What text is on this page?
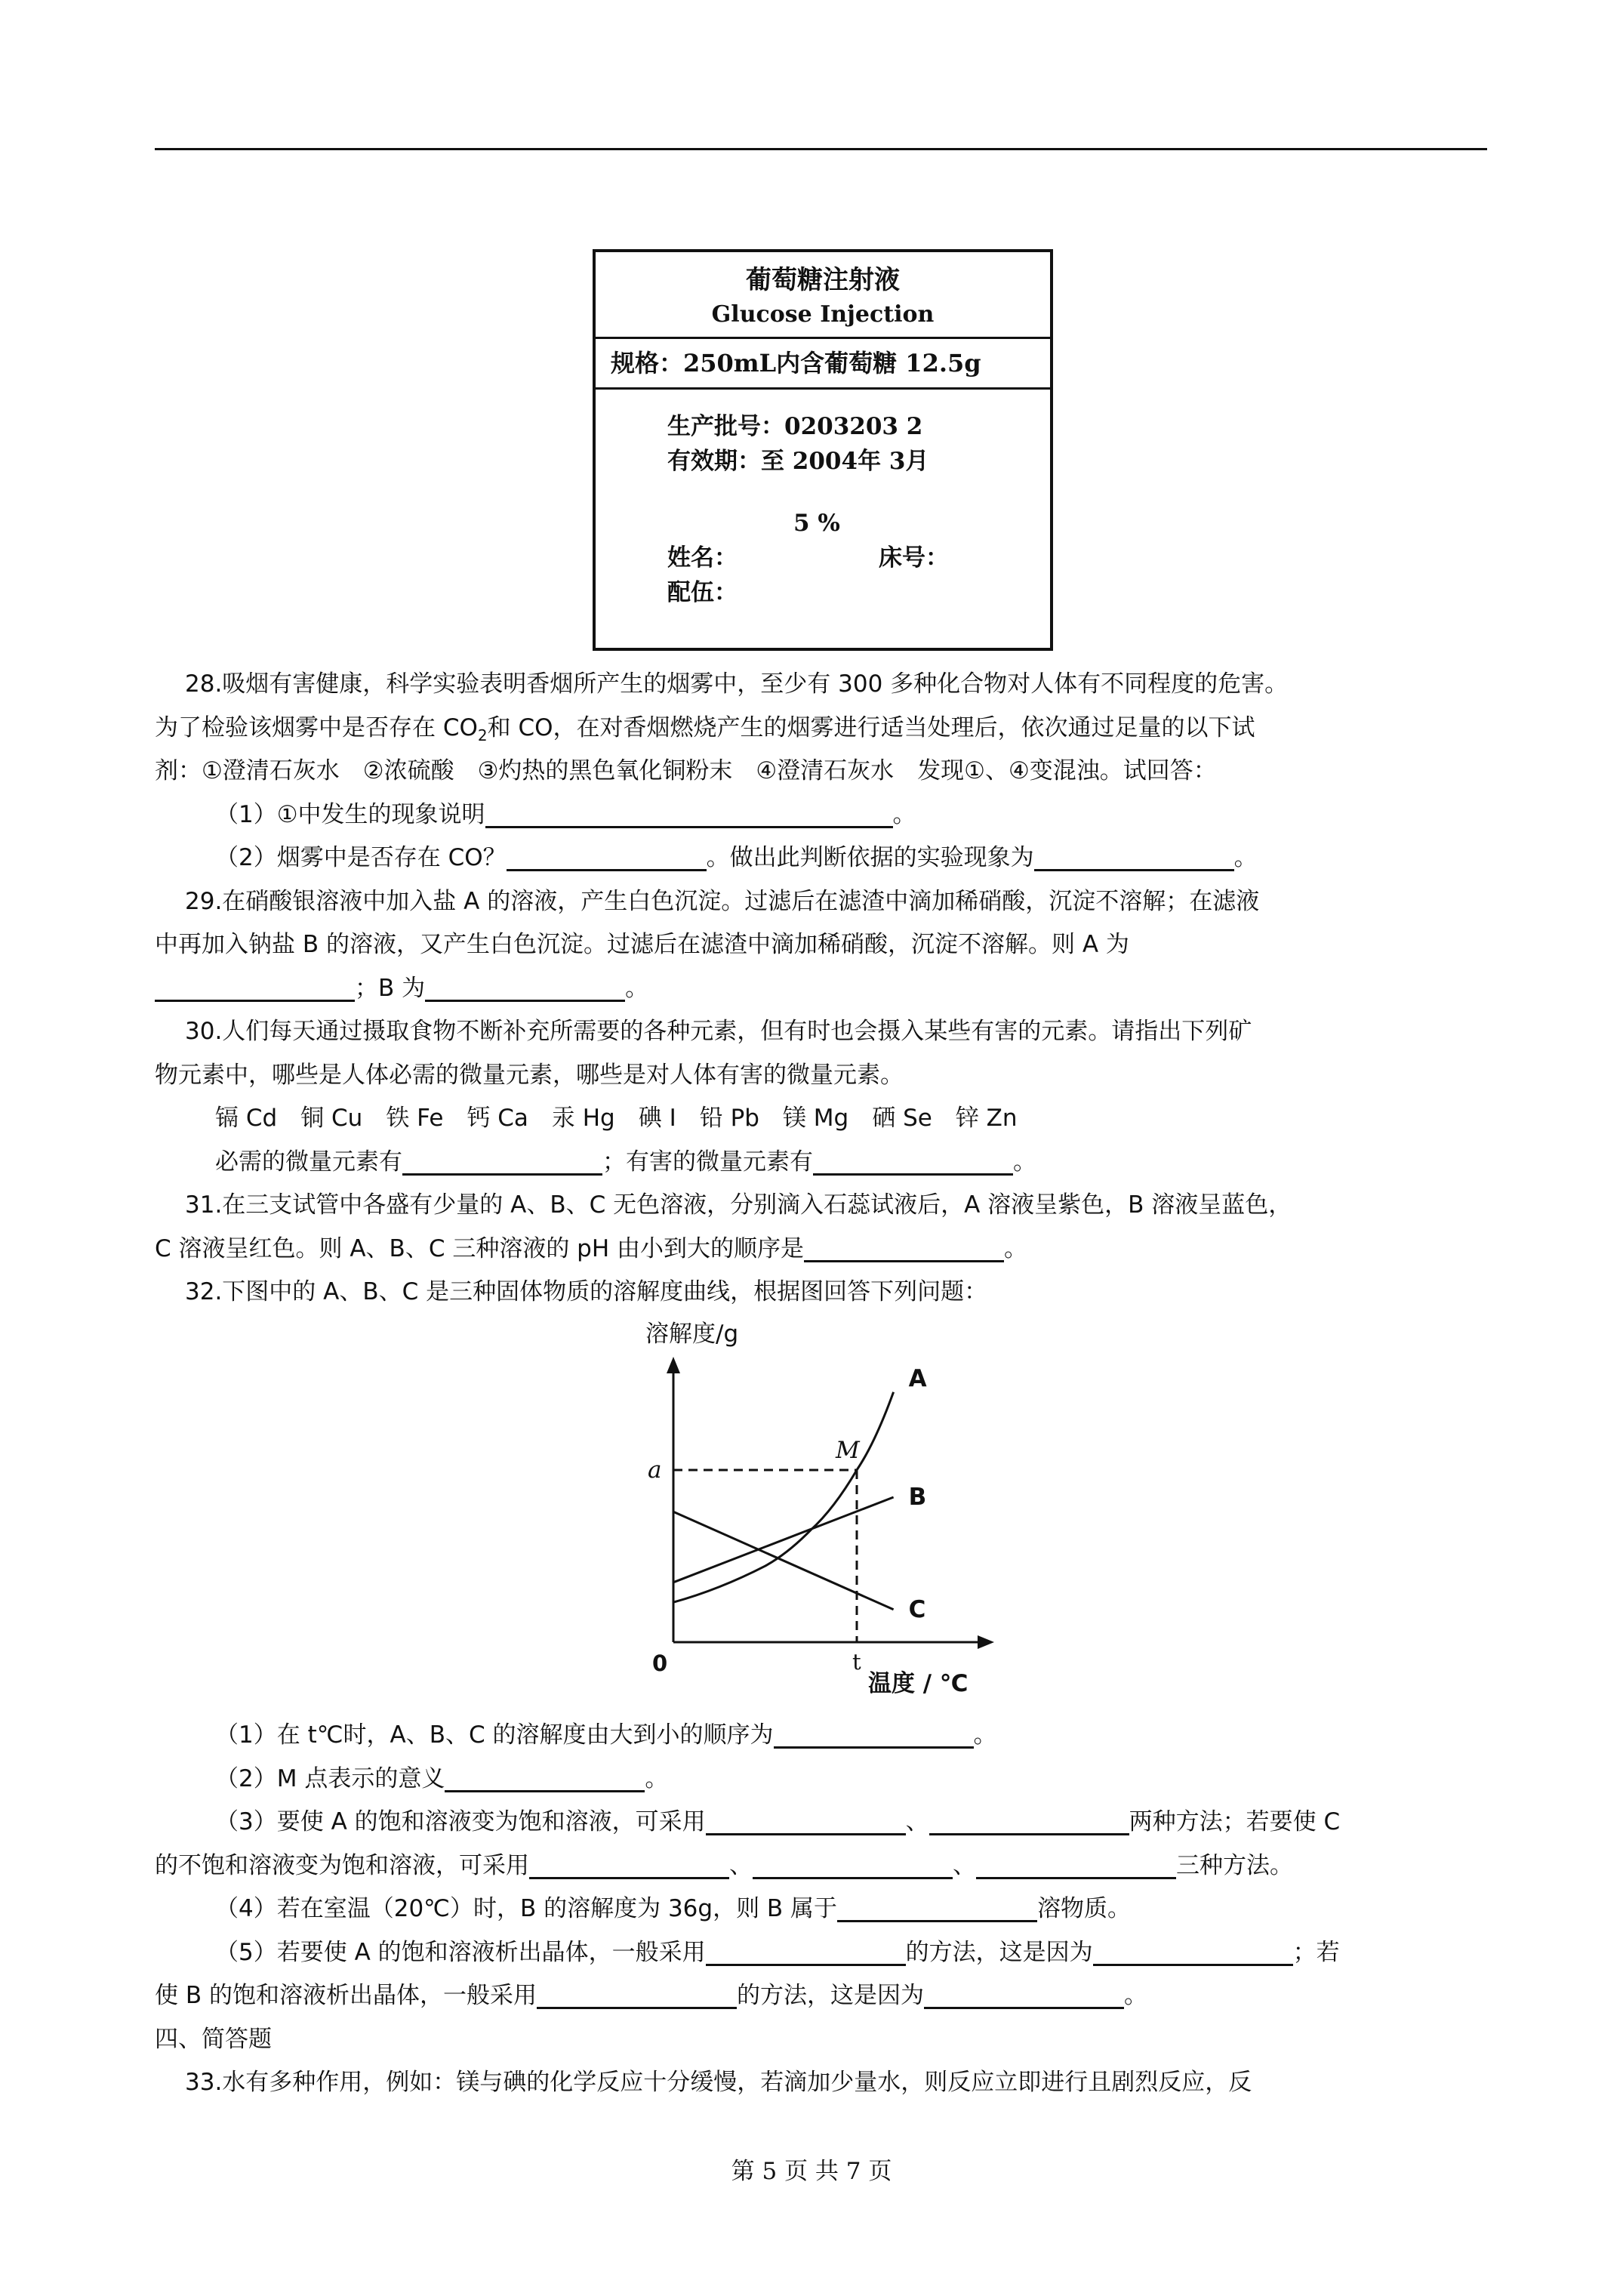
葡萄糖注射液
Glucose Injection
规格：250mL内含葡萄糖 12.5g
生产批号：0203203 2
有效期：至 2004年 3月
5 %
姓名：	床号：
配伍：
28.吸烟有害健康，科学实验表明香烟所产生的烟雾中，至少有 300 多种化合物对人体有不同程度的危害。
为了检验该烟雾中是否存在 $CO_2$和 CO，在对香烟燃烧产生的烟雾进行适当处理后，依次通过足量的以下试
剂：①澄清石灰水　②浓硫酸　③灼热的黑色氧化铜粉末　④澄清石灰水　发现①、④变混浊。试回答：
（1）①中发生的现象说明	。
（2）烟雾中是否存在 CO？	。做出此判断依据的实验现象为	。
29.在硝酸银溶液中加入盐 A 的溶液，产生白色沉淀。过滤后在滤渣中滴加稀硝酸，沉淀不溶解；在滤液
中再加入钠盐 B 的溶液，又产生白色沉淀。过滤后在滤渣中滴加稀硝酸，沉淀不溶解。则 A 为
；B 为	。
30.人们每天通过摄取食物不断补充所需要的各种元素，但有时也会摄入某些有害的元素。请指出下列矿
物元素中，哪些是人体必需的微量元素，哪些是对人体有害的微量元素。
镉 Cd　铜 Cu　铁 Fe　钙 Ca　汞 Hg　碘 I　铅 Pb　镁 Mg　硒 Se　锌 Zn
必需的微量元素有	；有害的微量元素有	。
31.在三支试管中各盛有少量的 A、B、C 无色溶液，分别滴入石蕊试液后，A 溶液呈紫色，B 溶液呈蓝色，
C 溶液呈红色。则 A、B、C 三种溶液的 pH 由小到大的顺序是	。
32.下图中的 A、B、C 是三种固体物质的溶解度曲线，根据图回答下列问题：
溶解度/g
温度 / ℃
0
A
B
C
a
M
t
（1）在 t℃时，A、B、C 的溶解度由大到小的顺序为	。
（2）M 点表示的意义	。
（3）要使 A 的饱和溶液变为饱和溶液，可采用	、	两种方法；若要使 C
的不饱和溶液变为饱和溶液，可采用	、	、	三种方法。
（4）若在室温（20℃）时，B 的溶解度为 36g，则 B 属于	溶物质。
（5）若要使 A 的饱和溶液析出晶体，一般采用	的方法，这是因为	；若
使 B 的饱和溶液析出晶体，一般采用	的方法，这是因为	。
四、简答题
33.水有多种作用，例如：镁与碘的化学反应十分缓慢，若滴加少量水，则反应立即进行且剧烈反应，反
第 5 页 共 7 页
